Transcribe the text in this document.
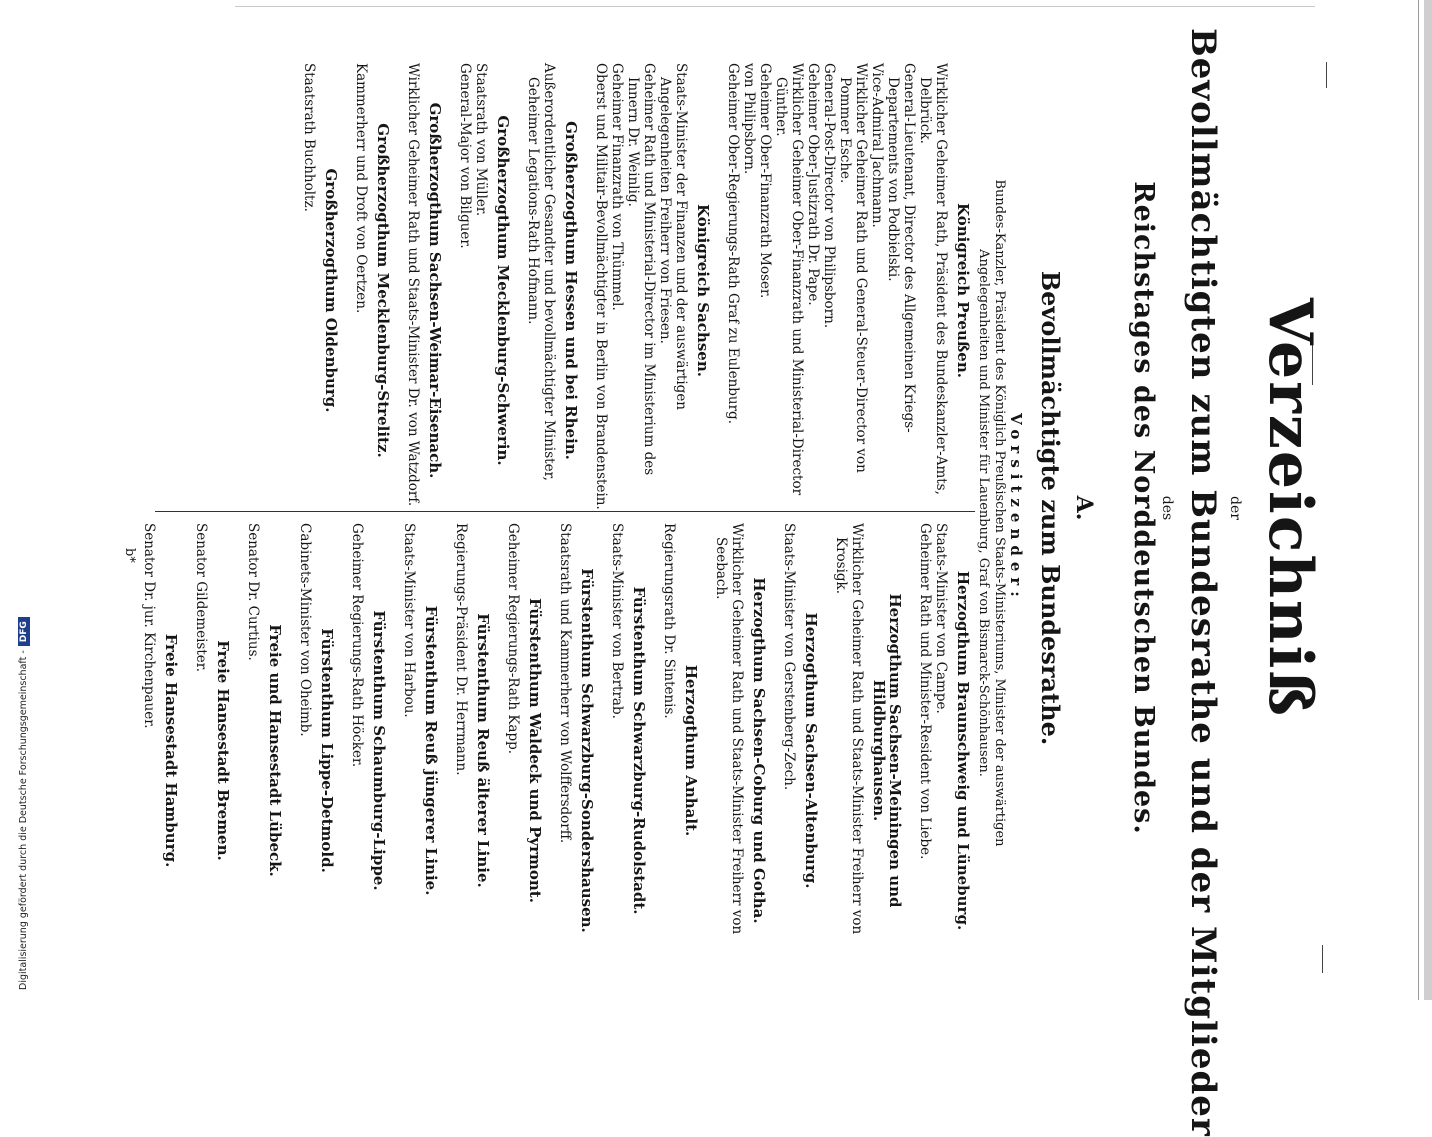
Verzeichniß
der
Bevollmächtigten zum Bundesrathe und der Mitglieder
des
Reichstages des Norddeutschen Bundes.
A.
Bevollmächtigte zum Bundesrathe.
Vorsitzender:
Bundes-Kanzler, Präsident des Königlich Preußischen Staats-Ministeriums, Minister der auswärtigen Angelegenheiten und Minister für Lauenburg, Graf von Bismarck-Schönhausen.
Königreich Preußen.
Wirklicher Geheimer Rath, Präsident des Bundeskanzler-Amts, Delbrück.
General-Lieutenant, Director des Allgemeinen Kriegs-Departements von Podbielski.
Vice-Admiral Jachmann.
Wirklicher Geheimer Rath und General-Steuer-Director von Pommer Esche.
General-Post-Director von Philipsborn.
Geheimer Ober-Justizrath Dr. Pape.
Wirklicher Geheimer Ober-Finanzrath und Ministerial-Director Günther.
Geheimer Ober-Finanzrath Moser.
von Philipsborn.
Geheimer Ober-Regierungs-Rath Graf zu Eulenburg.
Königreich Sachsen.
Staats-Minister der Finanzen und der auswärtigen Angelegenheiten Freiherr von Friesen.
Geheimer Rath und Ministerial-Director im Ministerium des Innern Dr. Weinlig.
Geheimer Finanzrath von Thümmel.
Oberst und Militair-Bevollmächtigter in Berlin von Brandenstein.
Großherzogthum Hessen und bei Rhein.
Außerordentlicher Gesandter und bevollmächtigter Minister, Geheimer Legations-Rath Hofmann.
Großherzogthum Mecklenburg-Schwerin.
Staatsrath von Müller.
General-Major von Bilguer.
Großherzogthum Sachsen-Weimar-Eisenach.
Wirklicher Geheimer Rath und Staats-Minister Dr. von Watzdorf.
Großherzogthum Mecklenburg-Strelitz.
Kammerherr und Droft von Oertzen.
Großherzogthum Oldenburg.
Staatsrath Buchholtz.
Herzogthum Braunschweig und Lüneburg.
Staats-Minister von Campe.
Geheimer Rath und Minister-Resident von Liebe.
Herzogthum Sachsen-Meiningen und Hildburghausen.
Wirklicher Geheimer Rath und Staats-Minister Freiherr von Krosigk.
Herzogthum Sachsen-Altenburg.
Staats-Minister von Gerstenberg-Zech.
Herzogthum Sachsen-Coburg und Gotha.
Wirklicher Geheimer Rath und Staats-Minister Freiherr von Seebach.
Herzogthum Anhalt.
Regierungsrath Dr. Sintenis.
Fürstenthum Schwarzburg-Rudolstadt.
Staats-Minister von Bertrab.
Fürstenthum Schwarzburg-Sondershausen.
Staatsrath und Kammerherr von Wolffersdorff.
Fürstenthum Waldeck und Pyrmont.
Geheimer Regierungs-Rath Kapp.
Fürstenthum Reuß älterer Linie.
Regierungs-Präsident Dr. Herrmann.
Fürstenthum Reuß jüngerer Linie.
Staats-Minister von Harbou.
Fürstenthum Schaumburg-Lippe.
Geheimer Regierungs-Rath Höcker.
Fürstenthum Lippe-Detmold.
Cabinets-Minister von Oheimb.
Freie und Hansestadt Lübeck.
Senator Dr. Curtius.
Freie Hansestadt Bremen.
Senator Gildemeister.
Freie Hansestadt Hamburg.
Senator Dr. jur. Kirchenpauer.
b*
Digitalisierung gefördert durch die Deutsche Forschungsgemeinschaft -DFG
